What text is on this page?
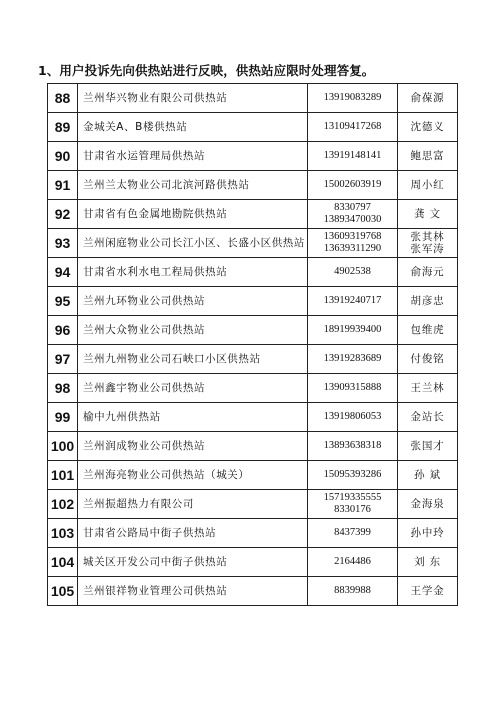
1、用户投诉先向供热站进行反映，供热站应限时处理答复。
88	兰州华兴物业有限公司供热站	13919083289	俞葆源

89	金城关A、B楼供热站	13109417268	沈德义

90	甘肃省水运管理局供热站	13919148141	鲍思富

91	兰州兰太物业公司北滨河路供热站	15002603919	周小红

92	甘肃省有色金属地勘院供热站	8330797
13893470030	龚 文

93	兰州闲庭物业公司长江小区、长盛小区供热站	13609319768
13639311290	张其林
张军涛

94	甘肃省水利水电工程局供热站	4902538	俞海元

95	兰州九环物业公司供热站	13919240717	胡彦忠

96	兰州大众物业公司供热站	18919939400	包维虎

97	兰州九州物业公司石峡口小区供热站	13919283689	付俊铭

98	兰州鑫宇物业公司供热站	13909315888	王兰林

99	榆中九州供热站	13919806053	金站长

100	兰州润成物业公司供热站	13893638318	张国才

101	兰州海亮物业公司供热站（城关）	15095393286	孙 斌

102	兰州振超热力有限公司	15719335555
8330176	金海泉

103	甘肃省公路局中街子供热站	8437399	孙中玲

104	城关区开发公司中街子供热站	2164486	刘 东

105	兰州银祥物业管理公司供热站	8839988	王学金
